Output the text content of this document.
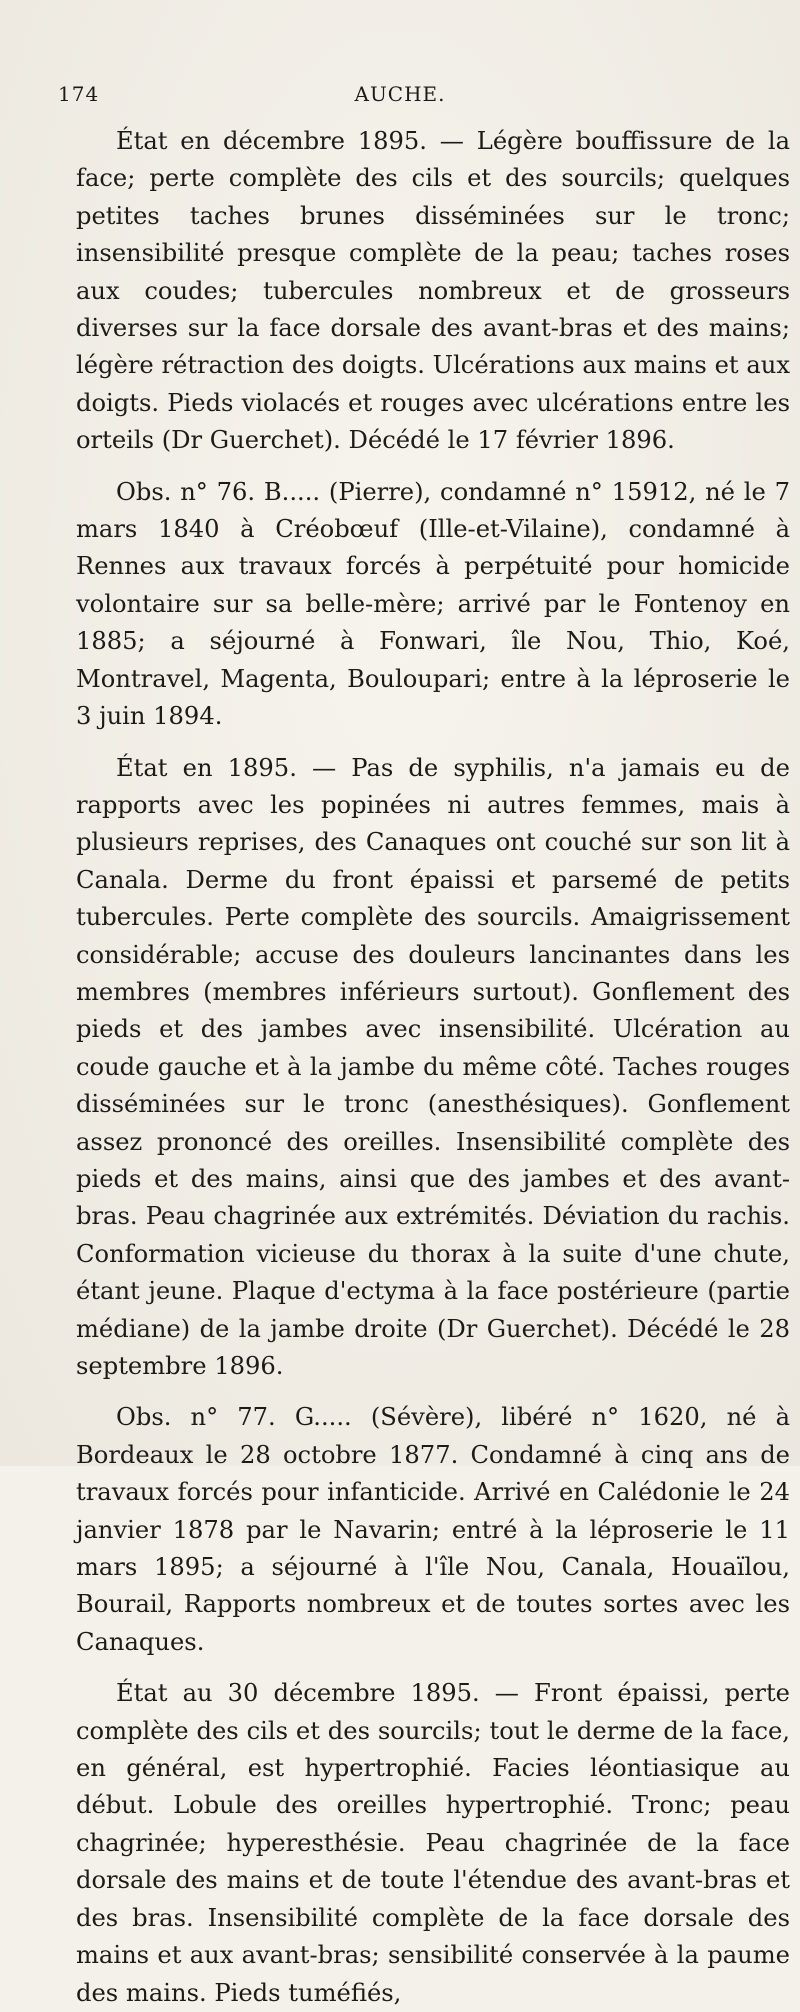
174	AUCHE.

État en décembre 1895. — Légère bouffissure de la face; perte complète des cils et des sourcils; quelques petites taches brunes disséminées sur le tronc; insensibilité presque complète de la peau; taches roses aux coudes; tubercules nombreux et de grosseurs diverses sur la face dorsale des avant-bras et des mains; légère rétraction des doigts. Ulcérations aux mains et aux doigts. Pieds violacés et rouges avec ulcérations entre les orteils (Dr Guerchet). Décédé le 17 février 1896.

Obs. n° 76. B..... (Pierre), condamné n° 15912, né le 7 mars 1840 à Créobœuf (Ille-et-Vilaine), condamné à Rennes aux travaux forcés à perpétuité pour homicide volontaire sur sa belle-mère; arrivé par le Fontenoy en 1885; a séjourné à Fonwari, île Nou, Thio, Koé, Montravel, Magenta, Bouloupari; entre à la léproserie le 3 juin 1894.

État en 1895. — Pas de syphilis, n'a jamais eu de rapports avec les popinées ni autres femmes, mais à plusieurs reprises, des Canaques ont couché sur son lit à Canala. Derme du front épaissi et parsemé de petits tubercules. Perte complète des sourcils. Amaigrissement considérable; accuse des douleurs lancinantes dans les membres (membres inférieurs surtout). Gonflement des pieds et des jambes avec insensibilité. Ulcération au coude gauche et à la jambe du même côté. Taches rouges disséminées sur le tronc (anesthésiques). Gonflement assez prononcé des oreilles. Insensibilité complète des pieds et des mains, ainsi que des jambes et des avant-bras. Peau chagrinée aux extrémités. Déviation du rachis. Conformation vicieuse du thorax à la suite d'une chute, étant jeune. Plaque d'ectyma à la face postérieure (partie médiane) de la jambe droite (Dr Guerchet). Décédé le 28 septembre 1896.

Obs. n° 77. G..... (Sévère), libéré n° 1620, né à Bordeaux le 28 octobre 1877. Condamné à cinq ans de travaux forcés pour infanticide. Arrivé en Calédonie le 24 janvier 1878 par le Navarin; entré à la léproserie le 11 mars 1895; a séjourné à l'île Nou, Canala, Houaïlou, Bourail, Rapports nombreux et de toutes sortes avec les Canaques.

État au 30 décembre 1895. — Front épaissi, perte complète des cils et des sourcils; tout le derme de la face, en général, est hypertrophié. Facies léontiasique au début. Lobule des oreilles hypertrophié. Tronc; peau chagrinée; hyperesthésie. Peau chagrinée de la face dorsale des mains et de toute l'étendue des avant-bras et des bras. Insensibilité complète de la face dorsale des mains et aux avant-bras; sensibilité conservée à la paume des mains. Pieds tuméfiés,
